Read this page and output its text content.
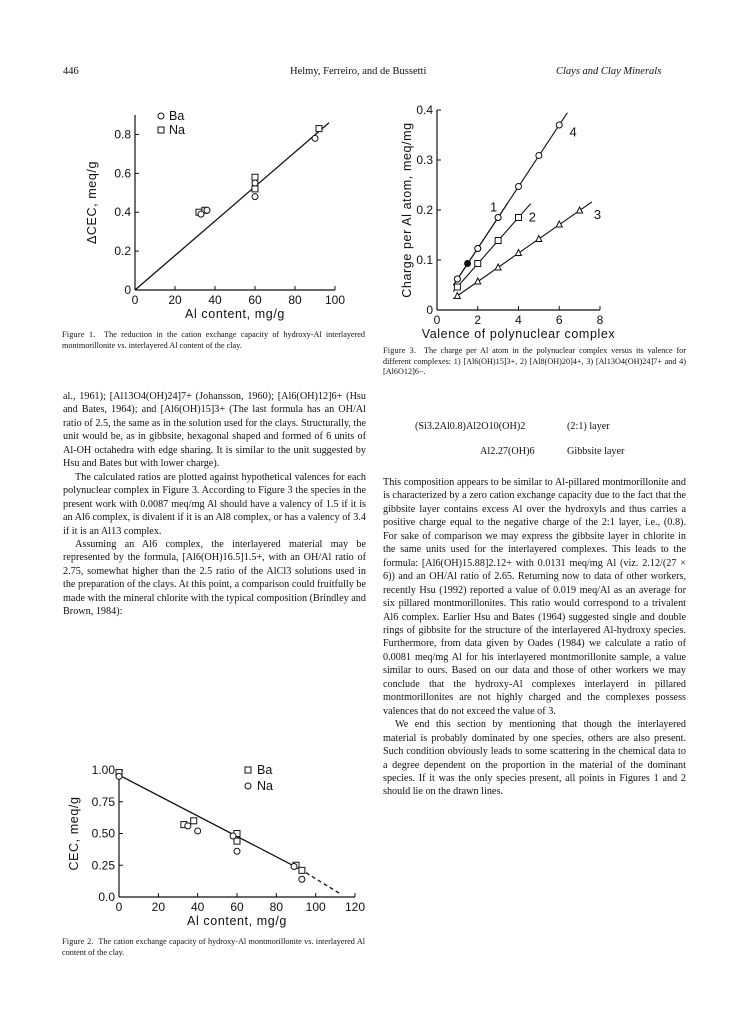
446	Helmy, Ferreiro, and de Bussetti	Clays and Clay Minerals
0 20 40 60 80 100
0
0.2
0.4
0.6
0.8
Al content, mg/g
ΔCEC, meq/g
Ba
Na
Figure 1. The reduction in the cation exchange capacity of hydroxy-Al interlayered montmorillonite vs. interlayered Al content of the clay.
0	2	4	6	8
0
0.1
0.2
0.3
0.4
Valence of polynuclear complex
Charge per Al atom, meq/mg	1
2	3
4
Figure 3. The charge per Al atom in the polynuclear complex versus its valence for different complexes: 1) [Al6(OH)15]3+, 2) [Al8(OH)20]4+, 3) [Al13O4(OH)24]7+ and 4) [Al6O12]6−.

al., 1961); [Al13O4(OH)24]7+ (Johansson, 1960); [Al6(OH)12]6+ (Hsu and Bates, 1964); and [Al6(OH)15]3+ (The last formula has an OH/Al ratio of 2.5, the same as in the solution used for the clays. Structurally, the unit would be, as in gibbsite, hexagonal shaped and formed of 6 units of Al-OH octahedra with edge sharing. It is similar to the unit suggested by Hsu and Bates but with lower charge).

The calculated ratios are plotted against hypothetical valences for each polynuclear complex in Figure 3. According to Figure 3 the species in the present work with 0.0087 meq/mg Al should have a valency of 1.5 if it is an Al6 complex, is divalent if it is an Al8 complex, or has a valency of 3.4 if it is an Al13 complex.

Assuming an Al6 complex, the interlayered material may be represented by the formula, [Al6(OH)16.5]1.5+, with an OH/Al ratio of 2.75, somewhat higher than the 2.5 ratio of the AlCl3 solutions used in the preparation of the clays. At this point, a comparison could fruitfully be made with the mineral chlorite with the typical composition (Brindley and Brown, 1984):

(Si3.2Al0.8)Al2O10(OH)2	(2:1) layer
Al2.27(OH)6	Gibbsite layer

This composition appears to be similar to Al-pillared montmorillonite and is characterized by a zero cation exchange capacity due to the fact that the gibbsite layer contains excess Al over the hydroxyls and thus carries a positive charge equal to the negative charge of the 2:1 layer, i.e., (0.8). For sake of comparison we may express the gibbsite layer in chlorite in the same units used for the interlayered complexes. This leads to the formula: [Al6(OH)15.88]2.12+ with 0.0131 meq/mg Al (viz. 2.12/(27 × 6)) and an OH/Al ratio of 2.65. Returning now to data of other workers, recently Hsu (1992) reported a value of 0.019 meq/Al as an average for six pillared montmorillonites. This ratio would correspond to a trivalent Al6 complex. Earlier Hsu and Bates (1964) suggested single and double rings of gibbsite for the structure of the interlayered Al-hydroxy species. Furthermore, from data given by Oades (1984) we calculate a ratio of 0.0081 meq/mg Al for his interlayered montmorillonite sample, a value similar to ours. Based on our data and those of other workers we may conclude that the hydroxy-Al complexes interlayerd in pillared montmorillonites are not highly charged and the complexes possess valences that do not exceed the value of 3.

We end this section by mentioning that though the interlayered material is probably dominated by one species, others are also present. Such condition obviously leads to some scattering in the chemical data to a degree dependent on the proportion in the material of the dominant species. If it was the only species present, all points in Figures 1 and 2 should lie on the drawn lines.

0 20 40 60 80 100 120
0.0
0.25
0.50
0.75
1.00
Al content, mg/g
CEC, meq/g
Ba
Na
Figure 2. The cation exchange capacity of hydroxy-Al montmorillonite vs. interlayered Al content of the clay.
